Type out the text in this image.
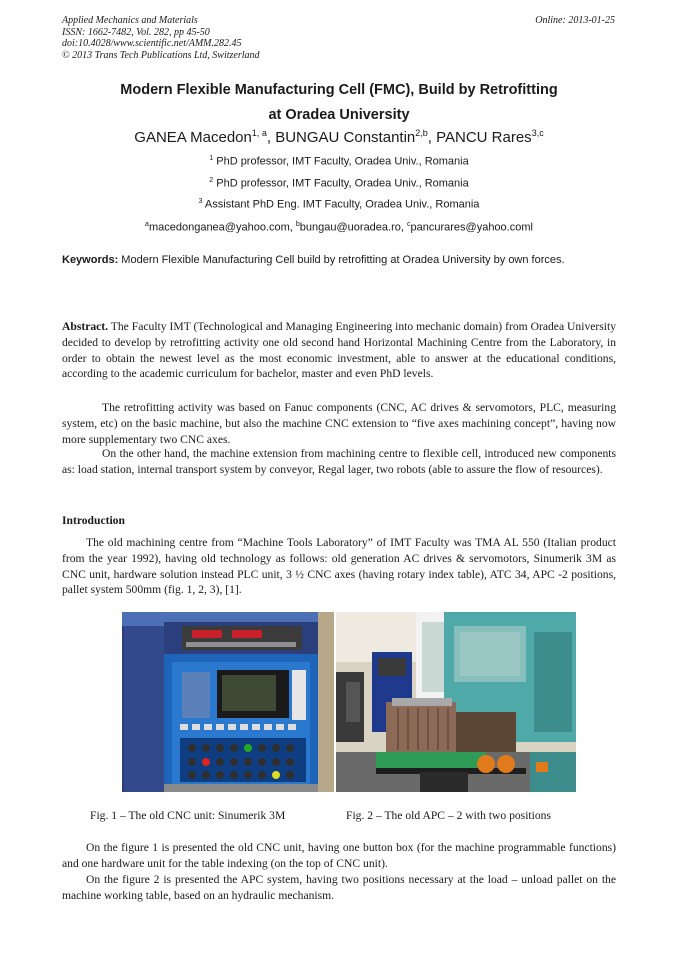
Applied Mechanics and Materials
ISSN: 1662-7482, Vol. 282, pp 45-50
doi:10.4028/www.scientific.net/AMM.282.45
© 2013 Trans Tech Publications Ltd, Switzerland
Online: 2013-01-25
Modern Flexible Manufacturing Cell (FMC), Build by Retrofitting
at Oradea University
GANEA Macedon$^{1, a}$, BUNGAU Constantin$^{2,b}$, PANCU Rares$^{3,c}$
$^1$ PhD professor, IMT Faculty, Oradea Univ., Romania
$^2$ PhD professor, IMT Faculty, Oradea Univ., Romania
$^3$ Assistant PhD Eng. IMT Faculty, Oradea Univ., Romania
$^a$macedonganea@yahoo.com, $^b$bungau@uoradea.ro, $^c$pancurares@yahoo.coml
Keywords: Modern Flexible Manufacturing Cell build by retrofitting at Oradea University by own forces.
Abstract. The Faculty IMT (Technological and Managing Engineering into mechanic domain) from Oradea University decided to develop by retrofitting activity one old second hand Horizontal Machining Centre from the Laboratory, in order to obtain the newest level as the most economic investment, able to answer at the educational conditions, according to the academic curriculum for bachelor, master and even PhD levels.
The retrofitting activity was based on Fanuc components (CNC, AC drives & servomotors, PLC, measuring system, etc) on the basic machine, but also the machine CNC extension to “five axes machining concept”, having now more supplementary two CNC axes.
On the other hand, the machine extension from machining centre to flexible cell, introduced new components as: load station, internal transport system by conveyor, Regal lager, two robots (able to assure the flow of resources).
Introduction
The old machining centre from “Machine Tools Laboratory” of IMT Faculty was TMA AL 550 (Italian product from the year 1992), having old technology as follows: old generation AC drives & servomotors, Sinumerik 3M as CNC unit, hardware solution instead PLC unit, 3 ½ CNC axes (having rotary index table), ATC 34, APC -2 positions, pallet system 500mm (fig. 1, 2, 3), [1].
Fig. 1 – The old CNC unit: Sinumerik 3M	Fig. 2 – The old APC – 2 with two positions
On the figure 1 is presented the old CNC unit, having one button box (for the machine programmable functions) and one hardware unit for the table indexing (on the top of CNC unit).
On the figure 2 is presented the APC system, having two positions necessary at the load – unload pallet on the machine working table, based on an hydraulic mechanism.
